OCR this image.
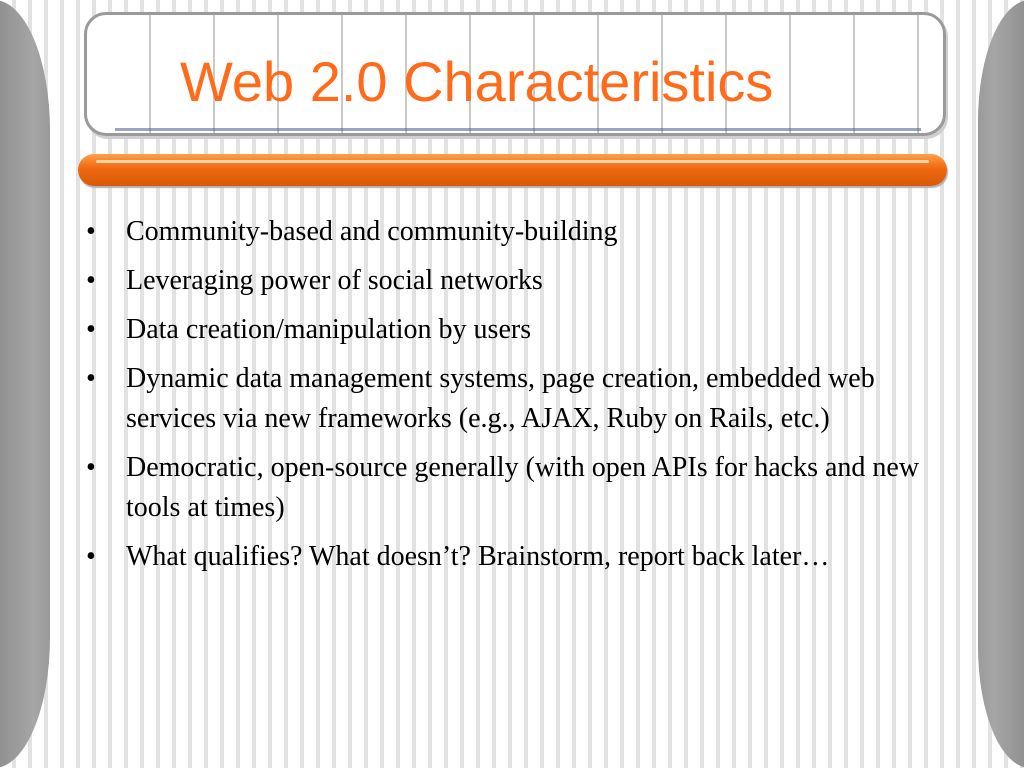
Web 2.0 Characteristics
• Community-based and community-building
• Leveraging power of social networks
• Data creation/manipulation by users
• Dynamic data management systems, page creation, embedded web services via new frameworks (e.g., AJAX, Ruby on Rails, etc.)
• Democratic, open-source generally (with open APIs for hacks and new tools at times)
• What qualifies? What doesn’t? Brainstorm, report back later…
